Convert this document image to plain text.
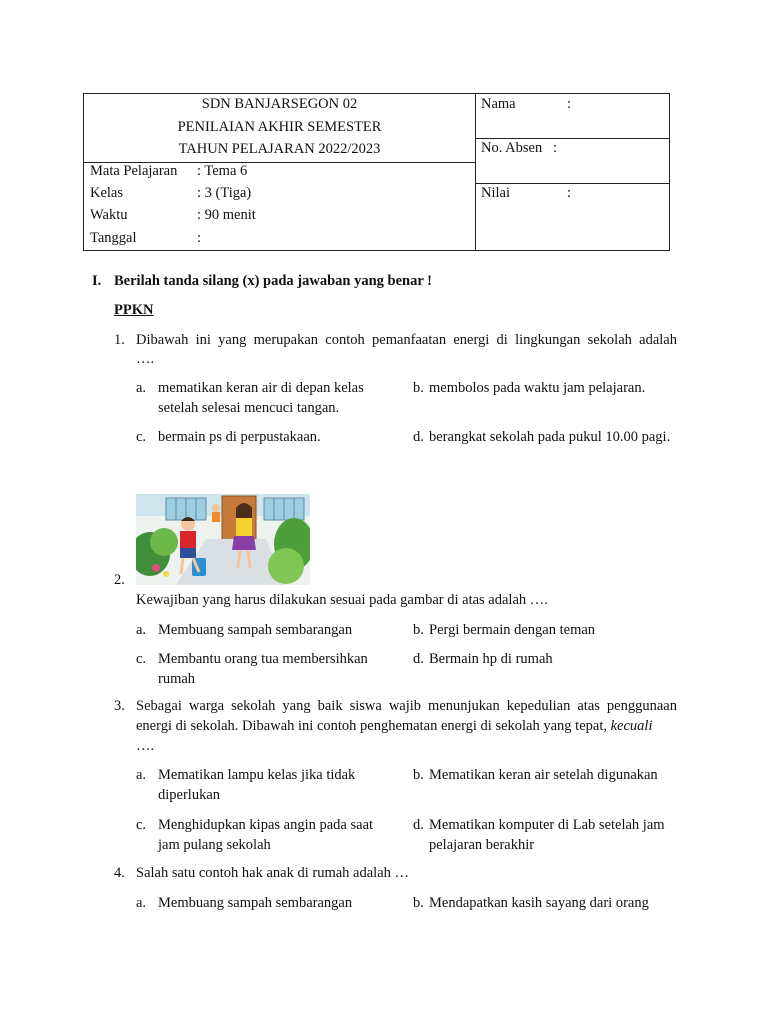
SDN BANJARSEGON 02
PENILAIAN AKHIR SEMESTER
TAHUN PELAJARAN 2022/2023
Mata Pelajaran : Tema 6
Kelas	: 3 (Tiga)
Waktu	: 90 menit
Tanggal	:
Nama	:
No. Absen :
Nilai	:
I. Berilah tanda silang (x) pada jawaban yang benar !
PPKN
1. Dibawah ini yang merupakan contoh pemanfaatan energi di lingkungan sekolah adalah
….
a. mematikan keran air di depan kelas setelah selesai mencuci tangan.
b. membolos pada waktu jam pelajaran.
c. bermain ps di perpustakaan.	d. berangkat sekolah pada pukul 10.00 pagi.
2.
Kewajiban yang harus dilakukan sesuai pada gambar di atas adalah ….
a. Membuang sampah sembarangan	b. Pergi bermain dengan teman
c. Membantu orang tua membersihkan rumah
d. Bermain hp di rumah
3. Sebagai warga sekolah yang baik siswa wajib menunjukan kepedulian atas penggunaan energi di sekolah. Dibawah ini contoh penghematan energi di sekolah yang tepat, kecuali
….
a. Mematikan lampu kelas jika tidak diperlukan
b. Mematikan keran air setelah digunakan
c. Menghidupkan kipas angin pada saat jam pulang sekolah
d. Mematikan komputer di Lab setelah jam pelajaran berakhir
4. Salah satu contoh hak anak di rumah adalah …
a. Membuang sampah sembarangan	b. Mendapatkan kasih sayang dari orang
